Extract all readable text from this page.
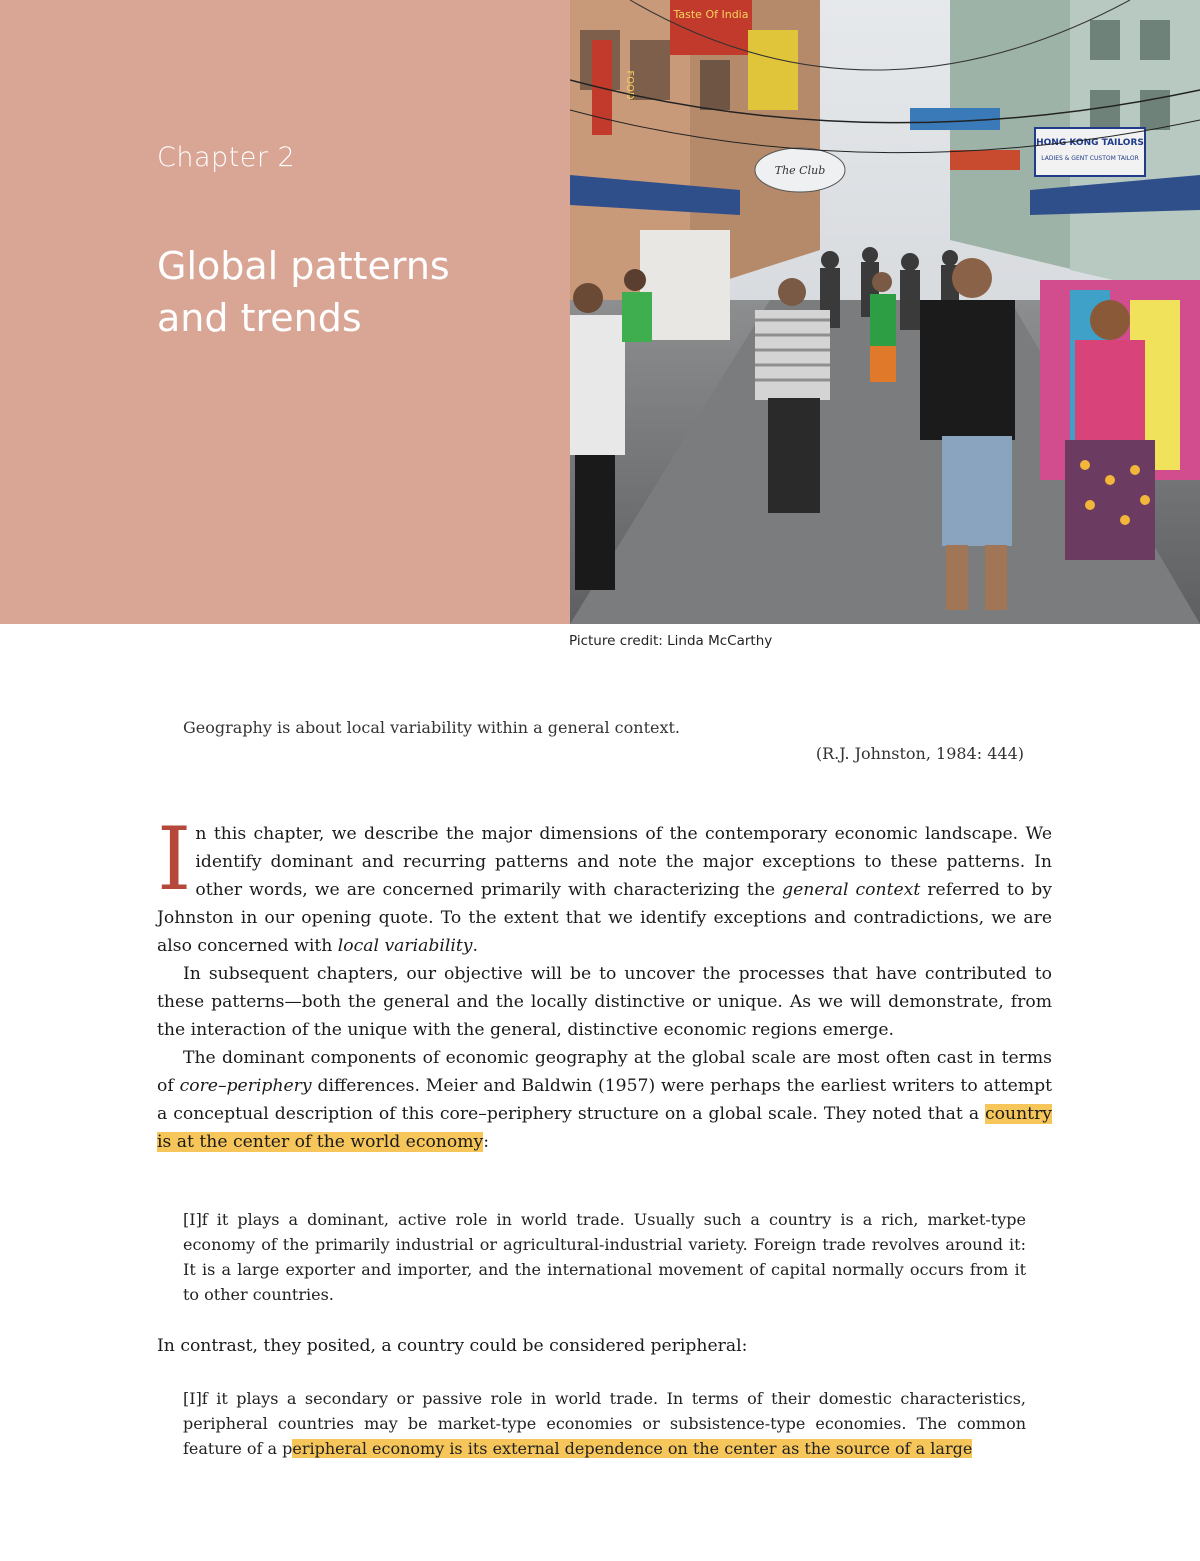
Chapter 2
Global patterns
and trends
Taste Of India
FOOD
HONG KONG TAILORS
LADIES & GENT CUSTOM TAILOR
The Club
Picture credit: Linda McCarthy
Geography is about local variability within a general context.
(R.J. Johnston, 1984: 444)

In this chapter, we describe the major dimensions of the contemporary economic landscape. We identify dominant and recurring patterns and note the major exceptions to these patterns. In other words, we are concerned primarily with characterizing the general context referred to by Johnston in our opening quote. To the extent that we identify exceptions and contradictions, we are also concerned with local variability.

In subsequent chapters, our objective will be to uncover the processes that have contributed to these patterns—both the general and the locally distinctive or unique. As we will demonstrate, from the interaction of the unique with the general, distinctive economic regions emerge.

The dominant components of economic geography at the global scale are most often cast in terms of core–periphery differences. Meier and Baldwin (1957) were perhaps the earliest writers to attempt a conceptual description of this core–periphery structure on a global scale. They noted that a country is at the center of the world economy:

[I]f it plays a dominant, active role in world trade. Usually such a country is a rich, market-type economy of the primarily industrial or agricultural-industrial variety. Foreign trade revolves around it: It is a large exporter and importer, and the international movement of capital normally occurs from it to other countries.
In contrast, they posited, a country could be considered peripheral:
[I]f it plays a secondary or passive role in world trade. In terms of their domestic characteristics, peripheral countries may be market-type economies or subsistence-type economies. The common feature of a peripheral economy is its external dependence on the center as the source of a large
